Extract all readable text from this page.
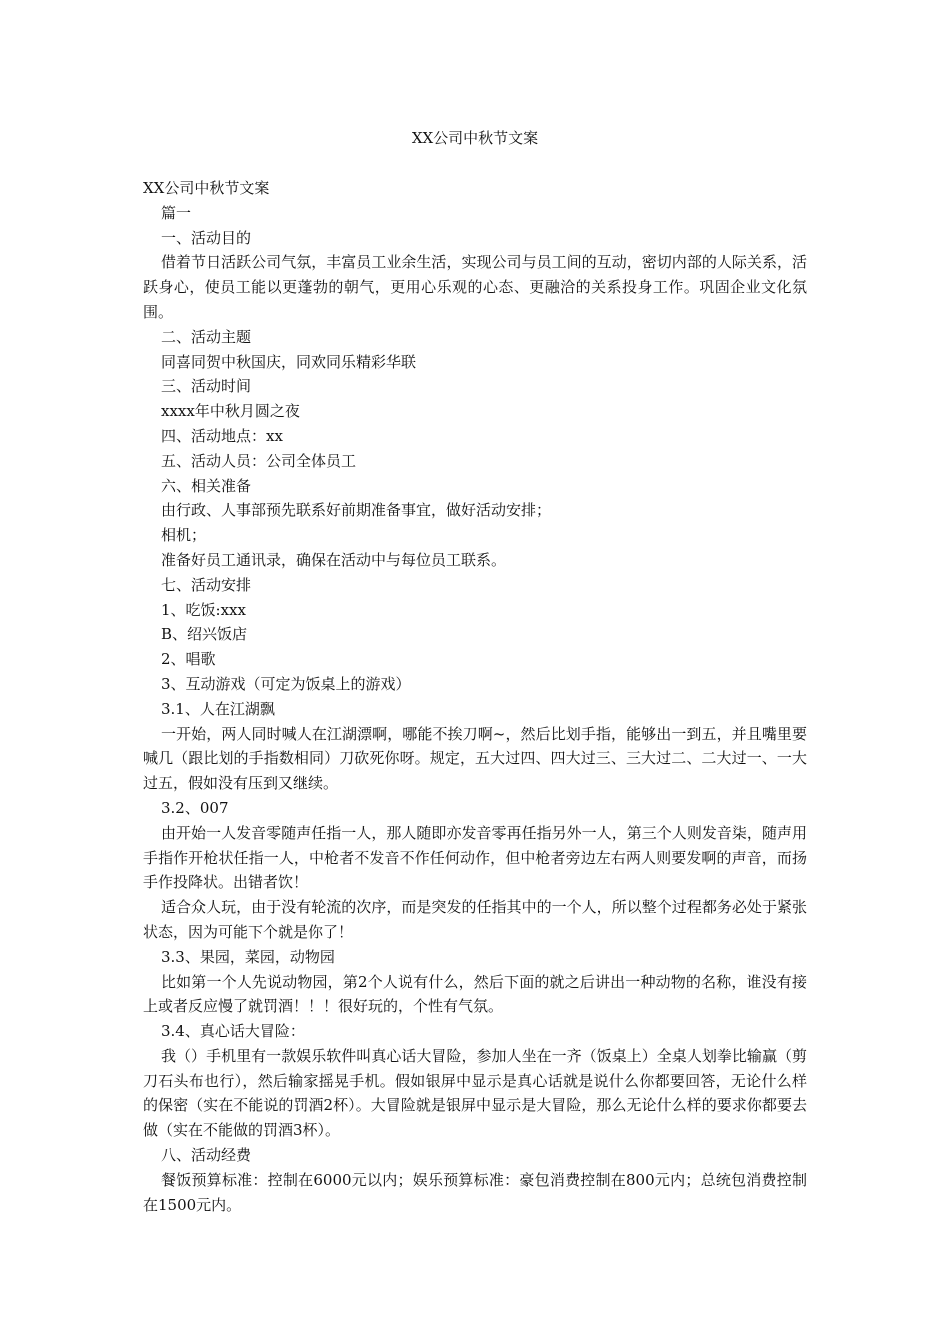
XX公司中秋节文案

XX公司中秋节文案

篇一

一、活动目的

借着节日活跃公司气氛，丰富员工业余生活，实现公司与员工间的互动，密切内部的人际关系，活跃身心，使员工能以更蓬勃的朝气，更用心乐观的心态、更融洽的关系投身工作。巩固企业文化氛围。

二、活动主题

同喜同贺中秋国庆，同欢同乐精彩华联

三、活动时间

xxxx年中秋月圆之夜

四、活动地点：xx

五、活动人员：公司全体员工

六、相关准备

由行政、人事部预先联系好前期准备事宜，做好活动安排；

相机；

准备好员工通讯录，确保在活动中与每位员工联系。

七、活动安排

1、吃饭:xxx

B、绍兴饭店

2、唱歌

3、互动游戏（可定为饭桌上的游戏）

3.1、人在江湖飘

一开始，两人同时喊人在江湖漂啊，哪能不挨刀啊~，然后比划手指，能够出一到五，并且嘴里要喊几（跟比划的手指数相同）刀砍死你呀。规定，五大过四、四大过三、三大过二、二大过一、一大过五，假如没有压到又继续。

3.2、007

由开始一人发音零随声任指一人，那人随即亦发音零再任指另外一人，第三个人则发音柒，随声用手指作开枪状任指一人，中枪者不发音不作任何动作，但中枪者旁边左右两人则要发啊的声音，而扬手作投降状。出错者饮！

适合众人玩，由于没有轮流的次序，而是突发的任指其中的一个人，所以整个过程都务必处于紧张状态，因为可能下个就是你了！

3.3、果园，菜园，动物园

比如第一个人先说动物园，第2个人说有什么，然后下面的就之后讲出一种动物的名称，谁没有接上或者反应慢了就罚酒！！！很好玩的，个性有气氛。

3.4、真心话大冒险：

我（）手机里有一款娱乐软件叫真心话大冒险，参加人坐在一齐（饭桌上）全桌人划拳比输赢（剪刀石头布也行），然后输家摇晃手机。假如银屏中显示是真心话就是说什么你都要回答，无论什么样的保密（实在不能说的罚酒2杯）。大冒险就是银屏中显示是大冒险，那么无论什么样的要求你都要去做（实在不能做的罚酒3杯）。

八、活动经费

餐饭预算标准：控制在6000元以内；娱乐预算标准：豪包消费控制在800元内；总统包消费控制在1500元内。
